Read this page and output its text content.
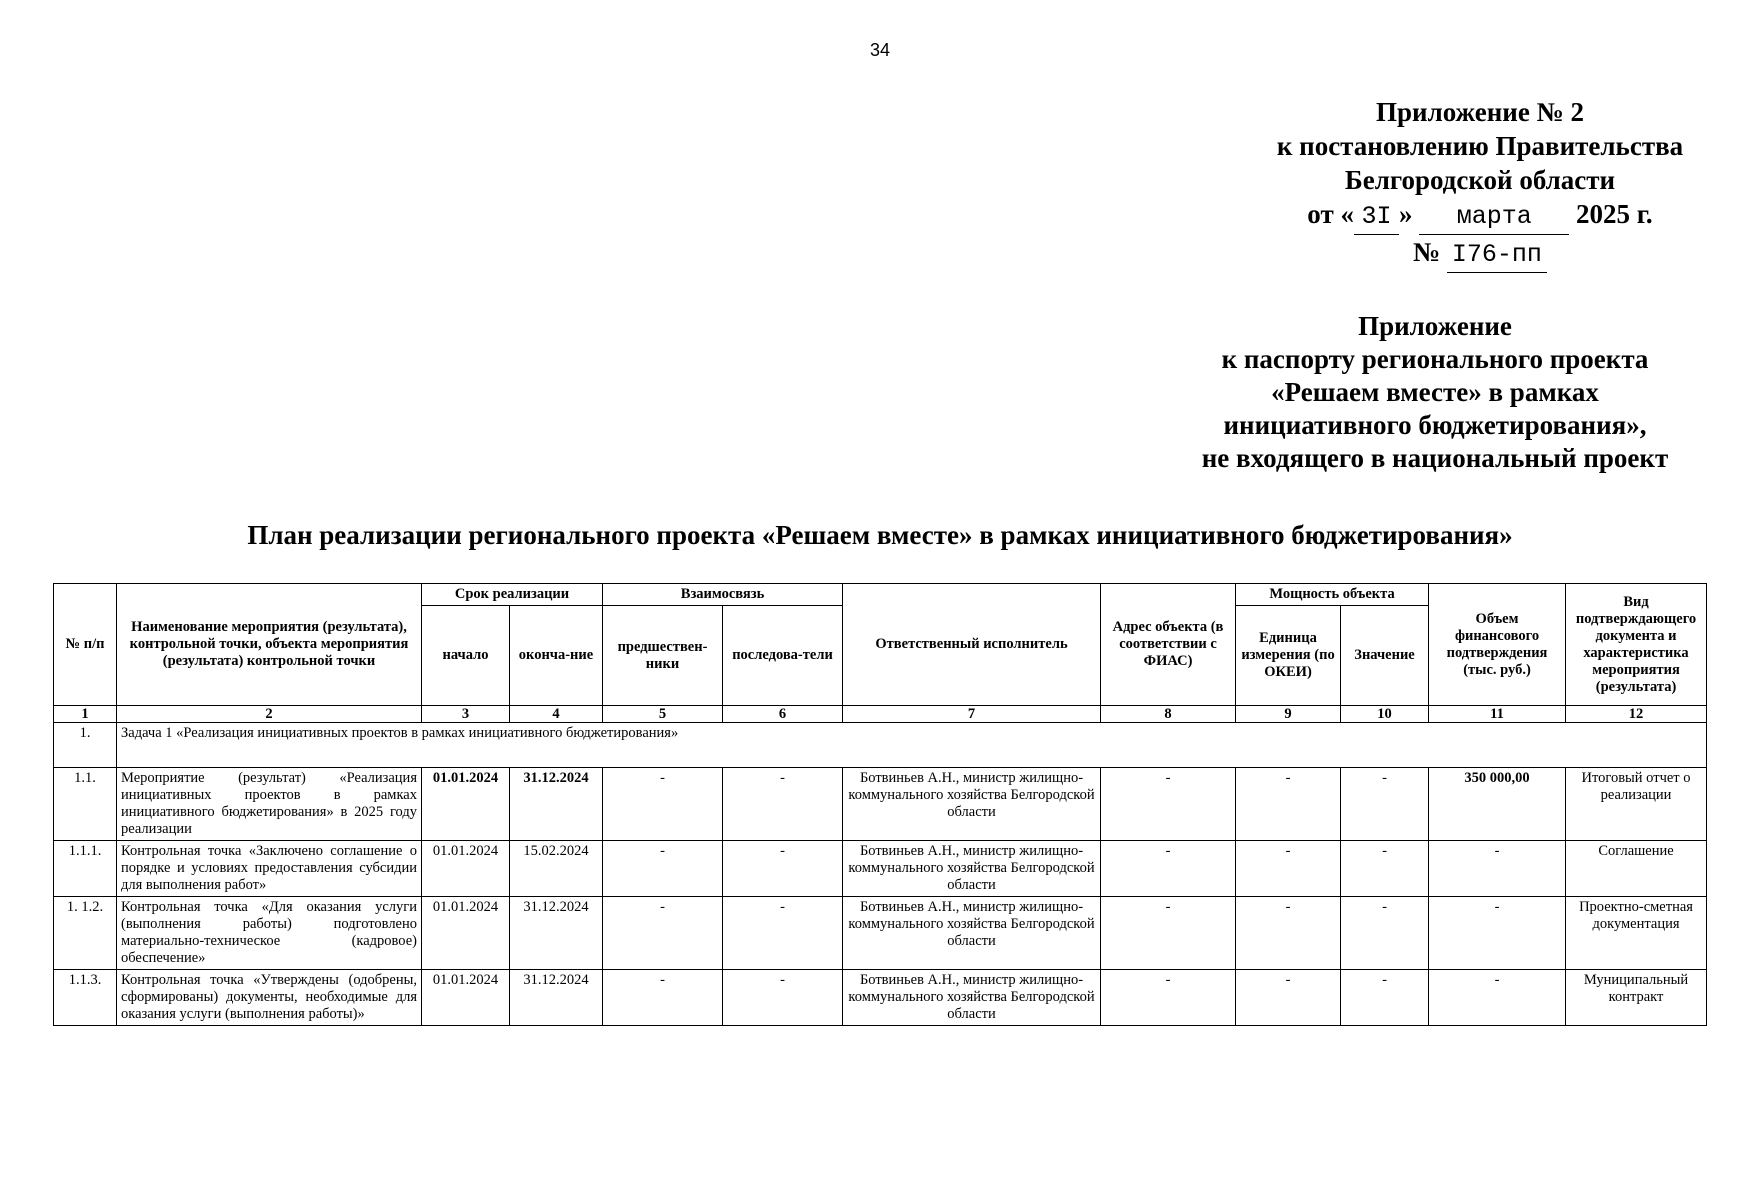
34
Приложение № 2
к постановлению Правительства
Белгородской области
от « 3I » марта 2025 г.
№ I76-пп
Приложение
к паспорту регионального проекта
«Решаем вместе» в рамках
инициативного бюджетирования»,
не входящего в национальный проект
План реализации регионального проекта «Решаем вместе» в рамках инициативного бюджетирования»
№ п/п	Наименование мероприятия (результата), контрольной точки, объекта мероприятия (результата) контрольной точки	Срок реализации		Взаимосвязь		Ответственный исполнитель	Адрес объекта (в соответствии с ФИАС)	Мощность объекта		Объем финансового подтверждения (тыс. руб.)	Вид подтверждающего документа и характеристика мероприятия (результата)
		начало	оконча-ние	предшествен-ники	последова-тели			Единица измерения (по ОКЕИ)	Значение		
1	2	3	4	5	6	7	8	9	10	11	12
1.	Задача 1 «Реализация инициативных проектов в рамках инициативного бюджетирования»										
1.1.	Мероприятие (результат) «Реализация инициативных проектов в рамках инициативного бюджетирования» в 2025 году реализации	01.01.2024	31.12.2024	-	-	Ботвиньев А.Н., министр жилищно-коммунального хозяйства Белгородской области	-	-	-	350 000,00	Итоговый отчет о реализации
1.1.1.	Контрольная точка «Заключено соглашение о порядке и условиях предоставления субсидии для выполнения работ»	01.01.2024	15.02.2024	-	-	Ботвиньев А.Н., министр жилищно-коммунального хозяйства Белгородской области	-	-	-	-	Соглашение
1. 1.2.	Контрольная точка «Для оказания услуги (выполнения работы) подготовлено материально-техническое (кадровое) обеспечение»	01.01.2024	31.12.2024	-	-	Ботвиньев А.Н., министр жилищно-коммунального хозяйства Белгородской области	-	-	-	-	Проектно-сметная документация
1.1.3.	Контрольная точка «Утверждены (одобрены, сформированы) документы, необходимые для оказания услуги (выполнения работы)»	01.01.2024	31.12.2024	-	-	Ботвиньев А.Н., министр жилищно-коммунального хозяйства Белгородской области	-	-	-	-	Муниципальный контракт
